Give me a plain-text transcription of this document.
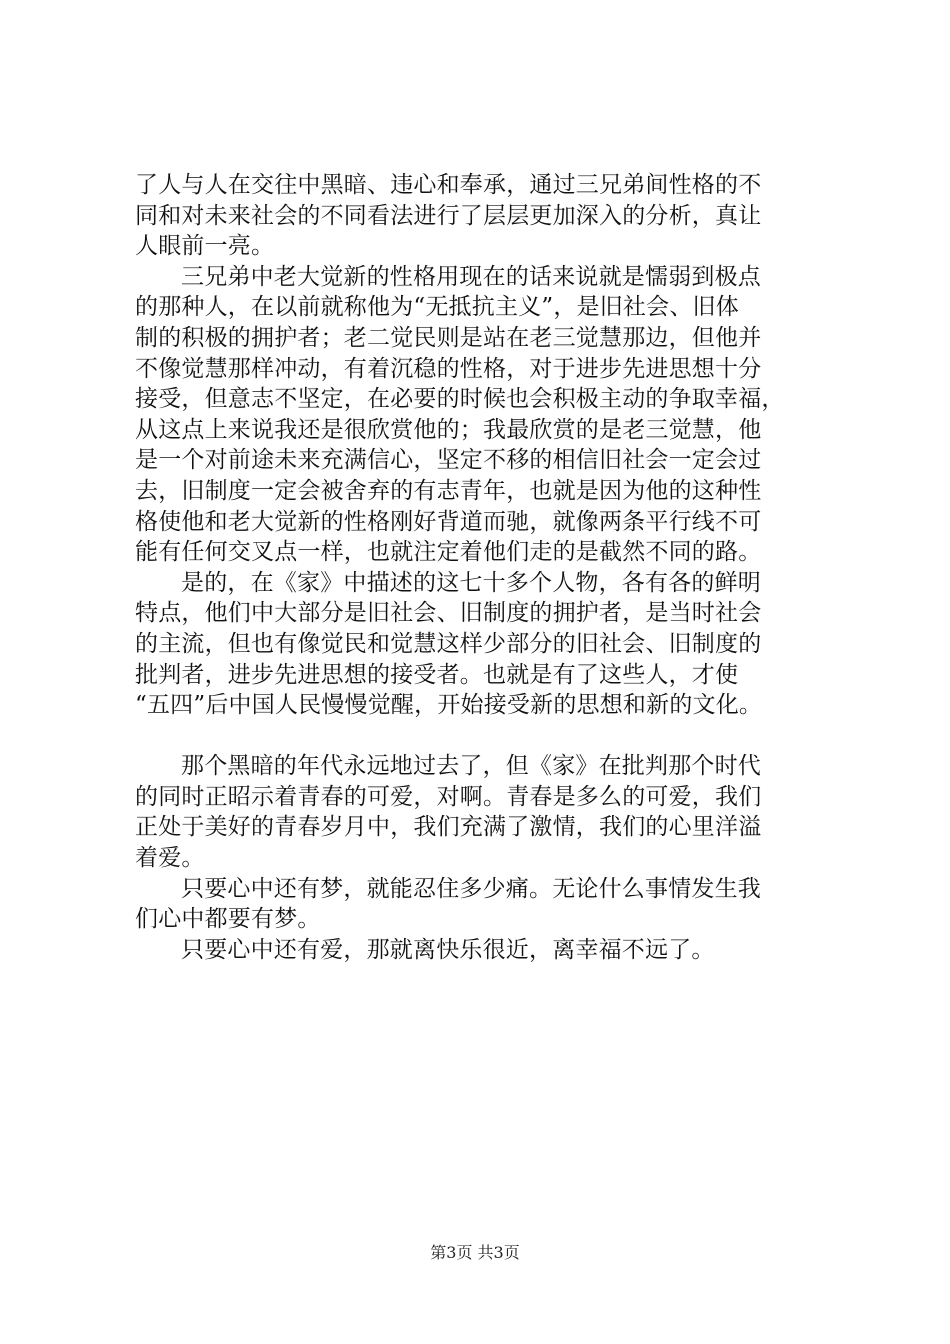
了人与人在交往中黑暗、违心和奉承，通过三兄弟间性格的不
同和对未来社会的不同看法进行了层层更加深入的分析，真让
人眼前一亮。
三兄弟中老大觉新的性格用现在的话来说就是懦弱到极点
的那种人，在以前就称他为“无抵抗主义”，是旧社会、旧体
制的积极的拥护者；老二觉民则是站在老三觉慧那边，但他并
不像觉慧那样冲动，有着沉稳的性格，对于进步先进思想十分
接受，但意志不坚定，在必要的时候也会积极主动的争取幸福，
从这点上来说我还是很欣赏他的；我最欣赏的是老三觉慧，他
是一个对前途未来充满信心，坚定不移的相信旧社会一定会过
去，旧制度一定会被舍弃的有志青年，也就是因为他的这种性
格使他和老大觉新的性格刚好背道而驰，就像两条平行线不可
能有任何交叉点一样，也就注定着他们走的是截然不同的路。
是的，在《家》中描述的这七十多个人物，各有各的鲜明
特点，他们中大部分是旧社会、旧制度的拥护者，是当时社会
的主流，但也有像觉民和觉慧这样少部分的旧社会、旧制度的
批判者，进步先进思想的接受者。也就是有了这些人，才使
“五四”后中国人民慢慢觉醒，开始接受新的思想和新的文化。
那个黑暗的年代永远地过去了，但《家》在批判那个时代
的同时正昭示着青春的可爱，对啊。青春是多么的可爱，我们
正处于美好的青春岁月中，我们充满了激情，我们的心里洋溢
着爱。
只要心中还有梦，就能忍住多少痛。无论什么事情发生我
们心中都要有梦。
只要心中还有爱，那就离快乐很近，离幸福不远了。
第3页 共3页
